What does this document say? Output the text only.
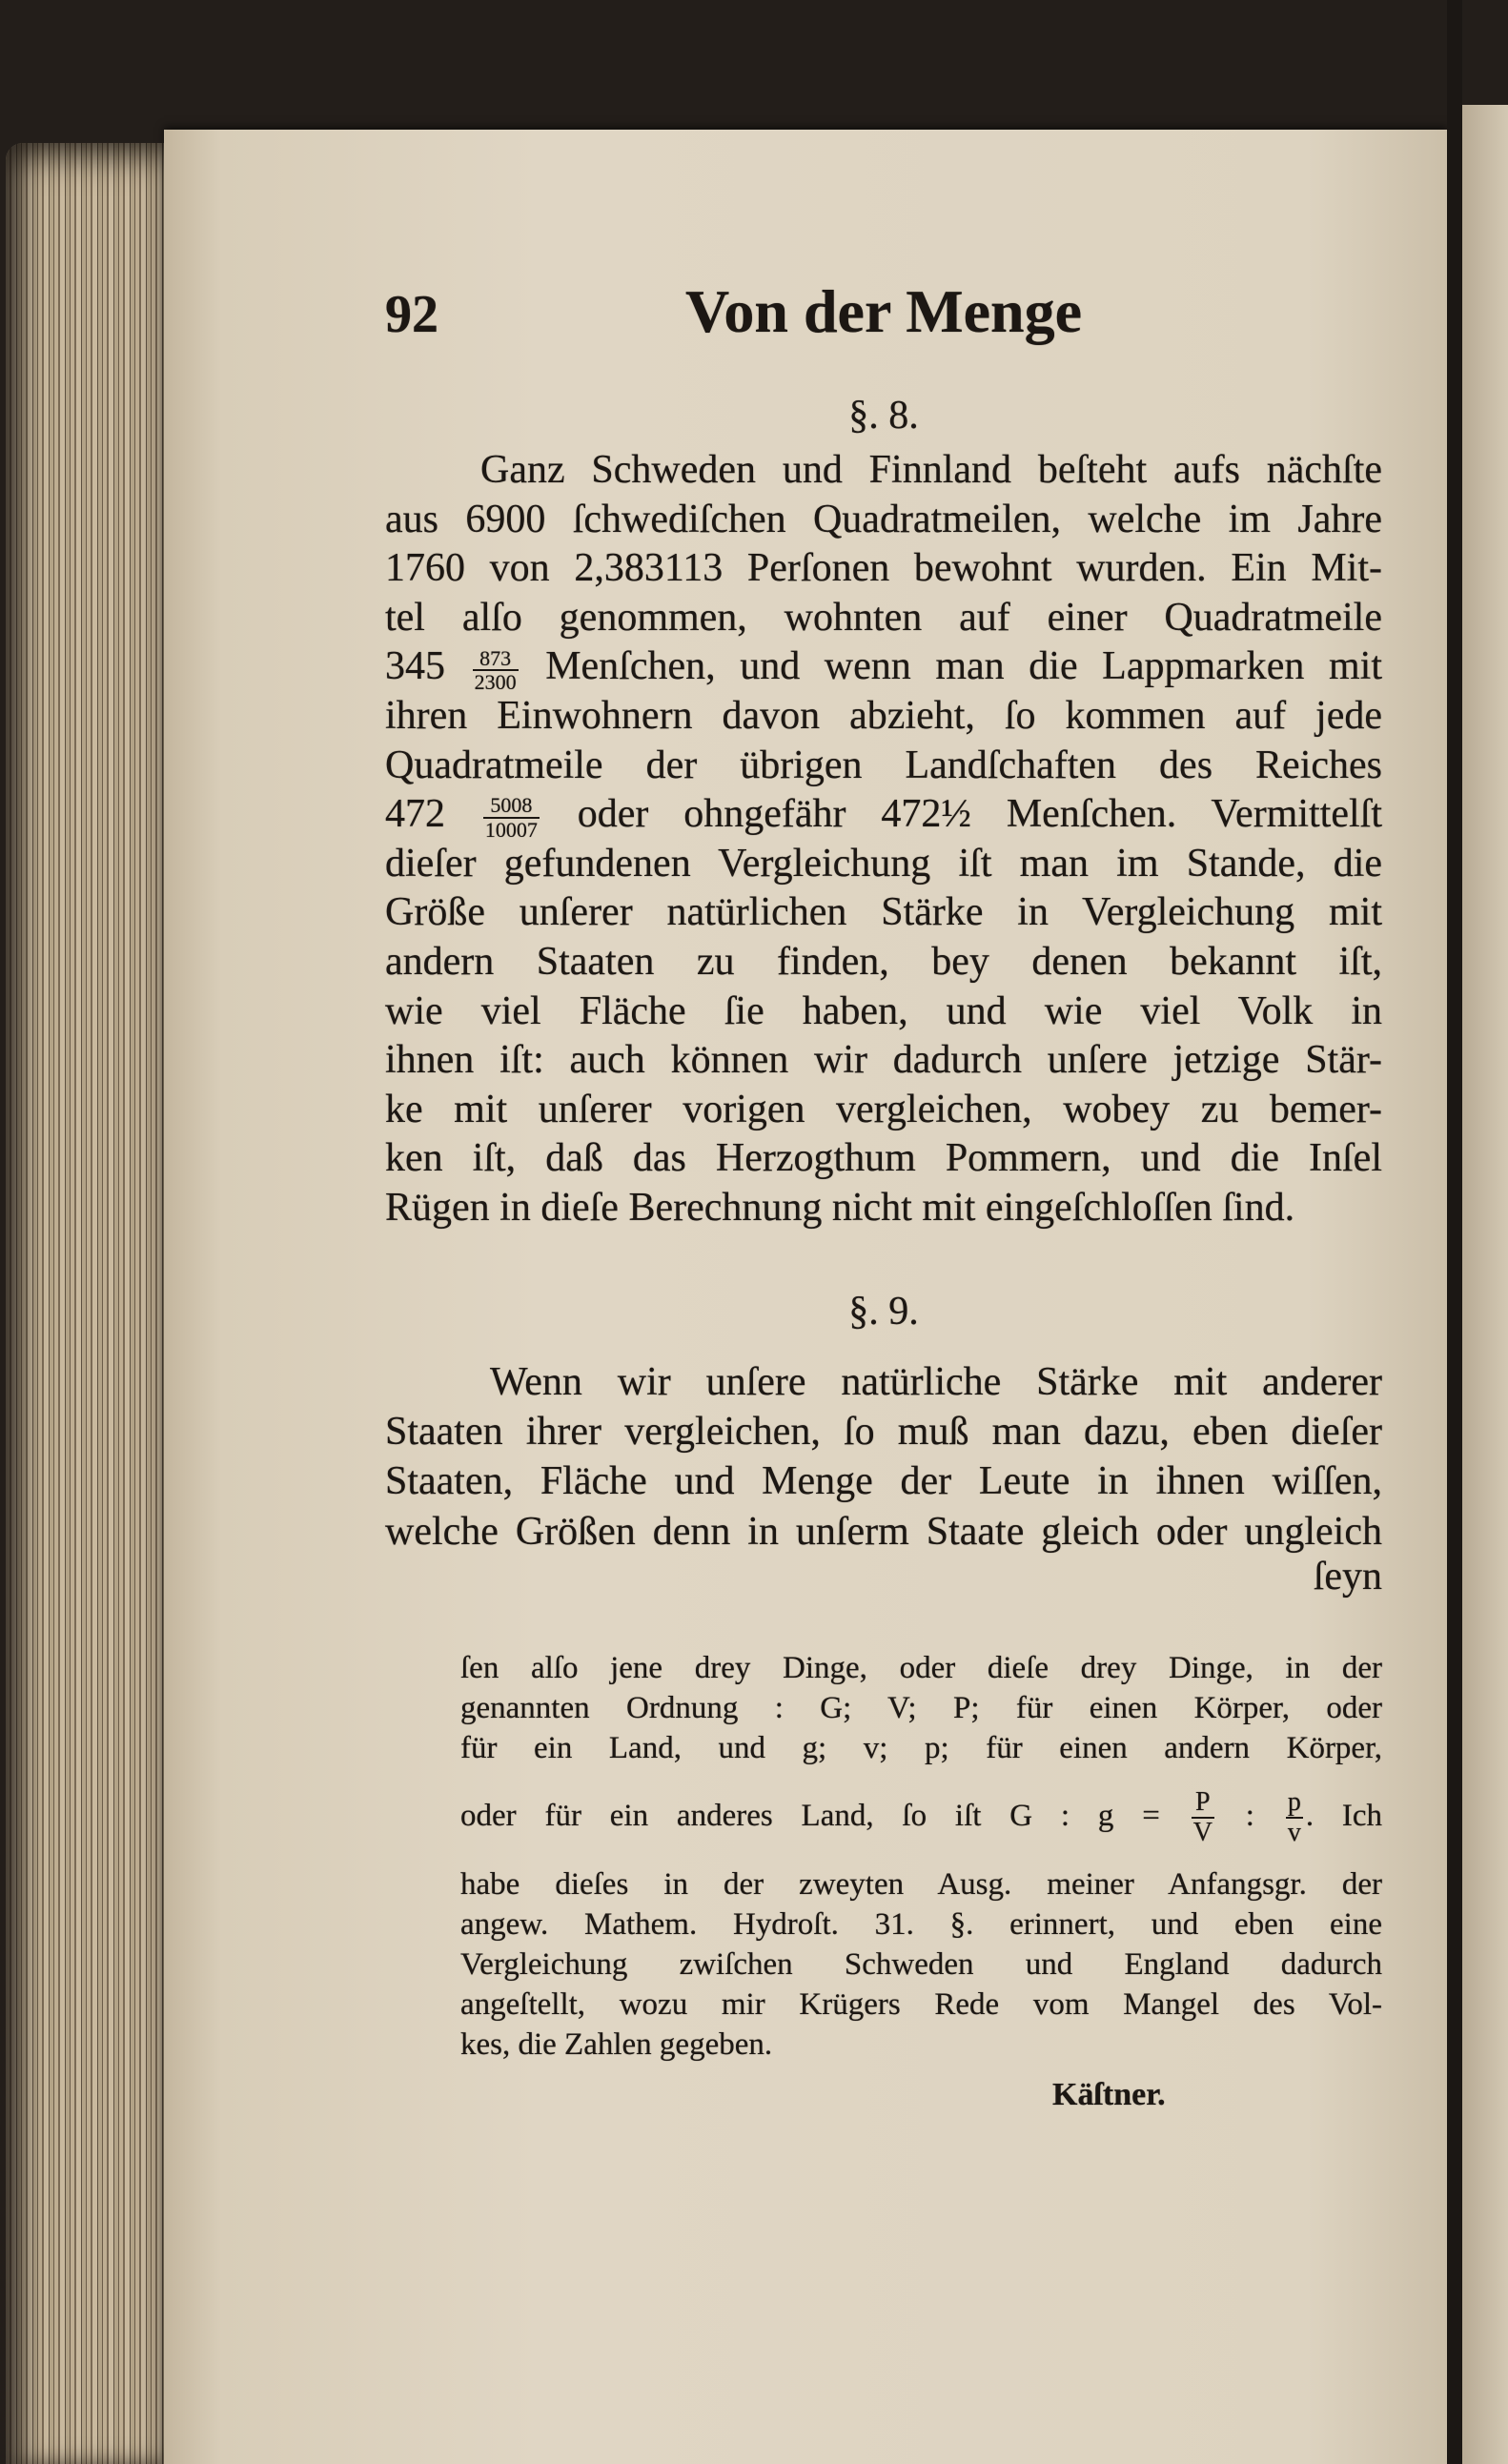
Von der Menge
92
§. 8.
Ganz Schweden und Finnland beſteht aufs nächſte
aus 6900 ſchwediſchen Quadratmeilen, welche im Jahre
1760 von 2,383113 Perſonen bewohnt wurden. Ein Mit-
tel alſo genommen, wohnten auf einer Quadratmeile
$345 \frac{873}{2300}$ Menſchen, und wenn man die Lappmarken mit
ihren Einwohnern davon abzieht, ſo kommen auf jede
Quadratmeile der übrigen Landſchaften des Reiches
$472 \frac{5008}{10007}$ oder ohngefähr 472½ Menſchen. Vermittelſt
dieſer gefundenen Vergleichung iſt man im Stande, die
Größe unſerer natürlichen Stärke in Vergleichung mit
andern Staaten zu finden, bey denen bekannt iſt,
wie viel Fläche ſie haben, und wie viel Volk in
ihnen iſt: auch können wir dadurch unſere jetzige Stär-
ke mit unſerer vorigen vergleichen, wobey zu bemer-
ken iſt, daß das Herzogthum Pommern, und die Inſel
Rügen in dieſe Berechnung nicht mit eingeſchloſſen ſind.
§. 9.
Wenn wir unſere natürliche Stärke mit anderer
Staaten ihrer vergleichen, ſo muß man dazu, eben dieſer
Staaten, Fläche und Menge der Leute in ihnen wiſſen,
welche Größen denn in unſerm Staate gleich oder ungleich
ſeyn
ſen alſo jene drey Dinge, oder dieſe drey Dinge, in der
genannten Ordnung : G; V; P; für einen Körper, oder
für ein Land, und g; v; p; für einen andern Körper,
oder für ein anderes Land, ſo iſt G : $g = \frac{P}{V}$ : $\frac{p}{v}$ . Ich
habe dieſes in der zweyten Ausg. meiner Anfangsgr. der
angew. Mathem. Hydroſt. 31. §. erinnert, und eben eine
Vergleichung zwiſchen Schweden und England dadurch
angeſtellt, wozu mir Krügers Rede vom Mangel des Vol-
kes, die Zahlen gegeben.
Käſtner.
